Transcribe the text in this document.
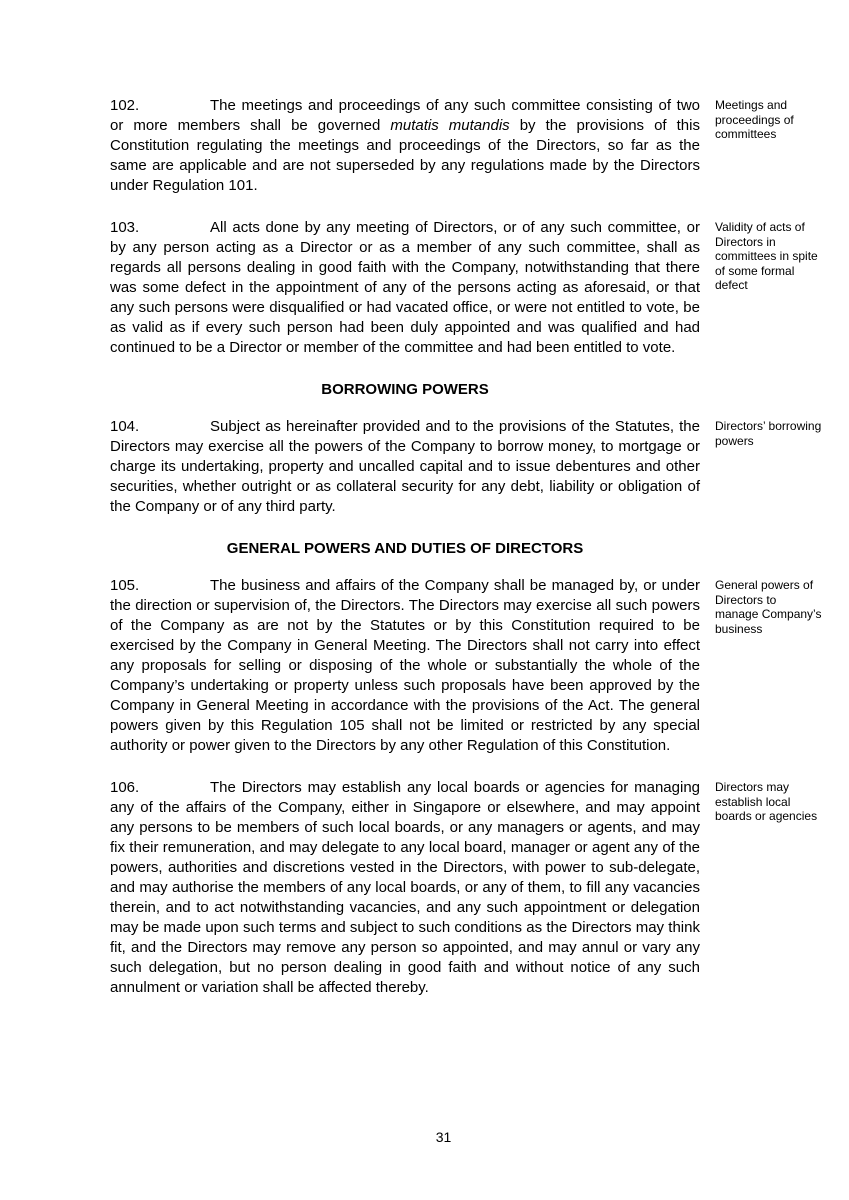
102.	The meetings and proceedings of any such committee consisting of two or more members shall be governed mutatis mutandis by the provisions of this Constitution regulating the meetings and proceedings of the Directors, so far as the same are applicable and are not superseded by any regulations made by the Directors under Regulation 101.

Meetings and proceedings of committees

103.	All acts done by any meeting of Directors, or of any such committee, or by any person acting as a Director or as a member of any such committee, shall as regards all persons dealing in good faith with the Company, notwithstanding that there was some defect in the appointment of any of the persons acting as aforesaid, or that any such persons were disqualified or had vacated office, or were not entitled to vote, be as valid as if every such person had been duly appointed and was qualified and had continued to be a Director or member of the committee and had been entitled to vote.

Validity of acts of Directors in committees in spite of some formal defect
BORROWING POWERS

104.	Subject as hereinafter provided and to the provisions of the Statutes, the Directors may exercise all the powers of the Company to borrow money, to mortgage or charge its undertaking, property and uncalled capital and to issue debentures and other securities, whether outright or as collateral security for any debt, liability or obligation of the Company or of any third party.

Directors’ borrowing powers
GENERAL POWERS AND DUTIES OF DIRECTORS

105.	The business and affairs of the Company shall be managed by, or under the direction or supervision of, the Directors. The Directors may exercise all such powers of the Company as are not by the Statutes or by this Constitution required to be exercised by the Company in General Meeting. The Directors shall not carry into effect any proposals for selling or disposing of the whole or substantially the whole of the Company’s undertaking or property unless such proposals have been approved by the Company in General Meeting in accordance with the provisions of the Act. The general powers given by this Regulation 105 shall not be limited or restricted by any special authority or power given to the Directors by any other Regulation of this Constitution.

General powers of Directors to manage Company’s business

106.	The Directors may establish any local boards or agencies for managing any of the affairs of the Company, either in Singapore or elsewhere, and may appoint any persons to be members of such local boards, or any managers or agents, and may fix their remuneration, and may delegate to any local board, manager or agent any of the powers, authorities and discretions vested in the Directors, with power to sub-delegate, and may authorise the members of any local boards, or any of them, to fill any vacancies therein, and to act notwithstanding vacancies, and any such appointment or delegation may be made upon such terms and subject to such conditions as the Directors may think fit, and the Directors may remove any person so appointed, and may annul or vary any such delegation, but no person dealing in good faith and without notice of any such annulment or variation shall be affected thereby.

Directors may establish local boards or agencies
31
